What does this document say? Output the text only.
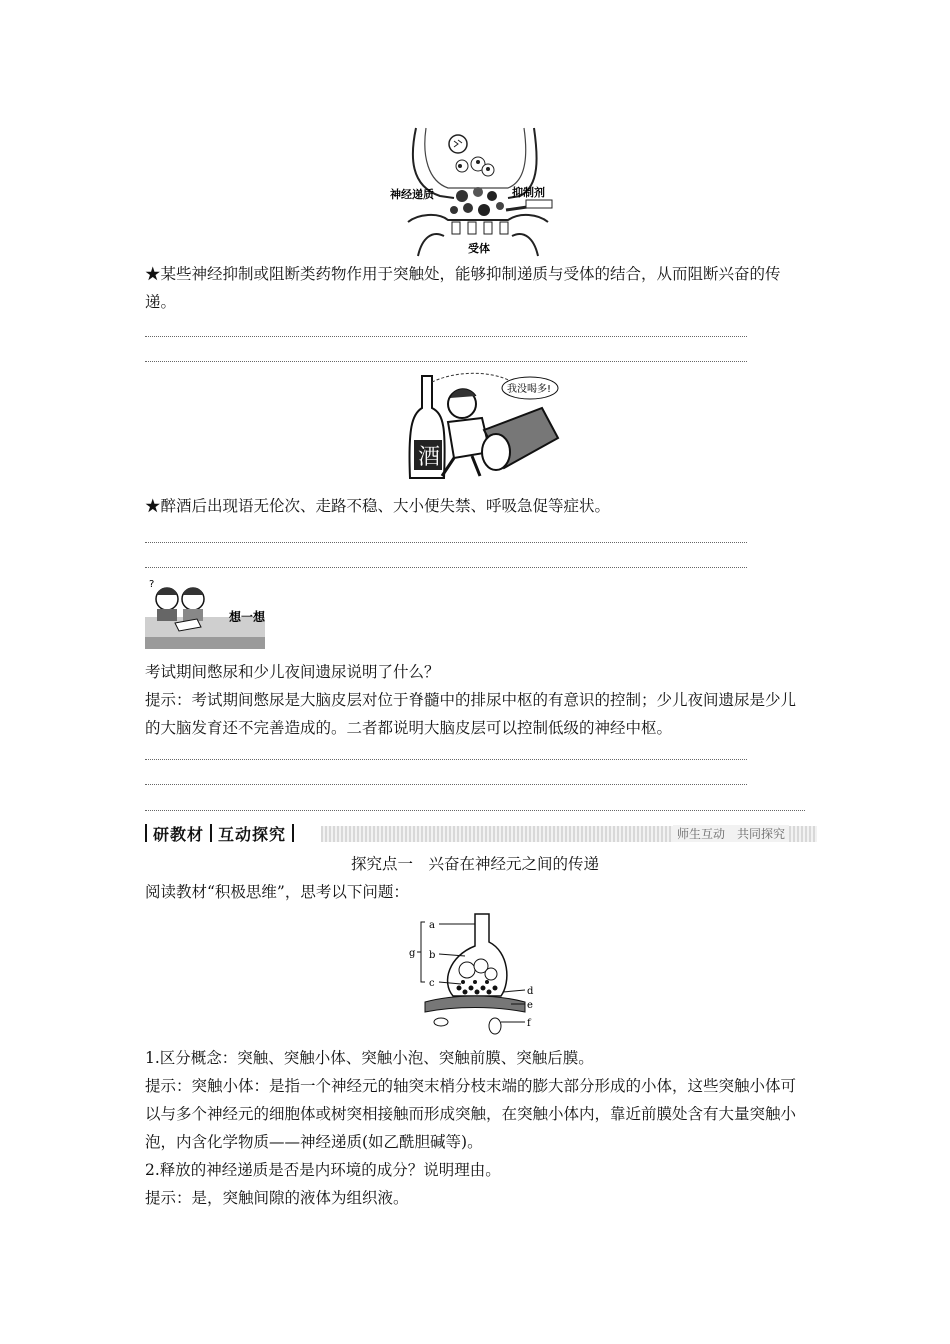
神经递质	抑制剂
受体

★某些神经抑制或阻断类药物作用于突触处，能够抑制递质与受体的结合，从而阻断兴奋的传递。

酒
我没喝多!

★醉酒后出现语无伦次、走路不稳、大小便失禁、呼吸急促等症状。

?
想一想

考试期间憋尿和少儿夜间遗尿说明了什么？

提示：考试期间憋尿是大脑皮层对位于脊髓中的排尿中枢的有意识的控制；少儿夜间遗尿是少儿的大脑发育还不完善造成的。二者都说明大脑皮层可以控制低级的神经中枢。

研教材 互动探究	师生互动　共同探究
探究点一　兴奋在神经元之间的传递

阅读教材“积极思维”，思考以下问题：

a
b
c
d
e
f
g

1.区分概念：突触、突触小体、突触小泡、突触前膜、突触后膜。

提示：突触小体：是指一个神经元的轴突末梢分枝末端的膨大部分形成的小体，这些突触小体可以与多个神经元的细胞体或树突相接触而形成突触，在突触小体内，靠近前膜处含有大量突触小泡，内含化学物质——神经递质(如乙酰胆碱等)。

2.释放的神经递质是否是内环境的成分？说明理由。

提示：是，突触间隙的液体为组织液。
